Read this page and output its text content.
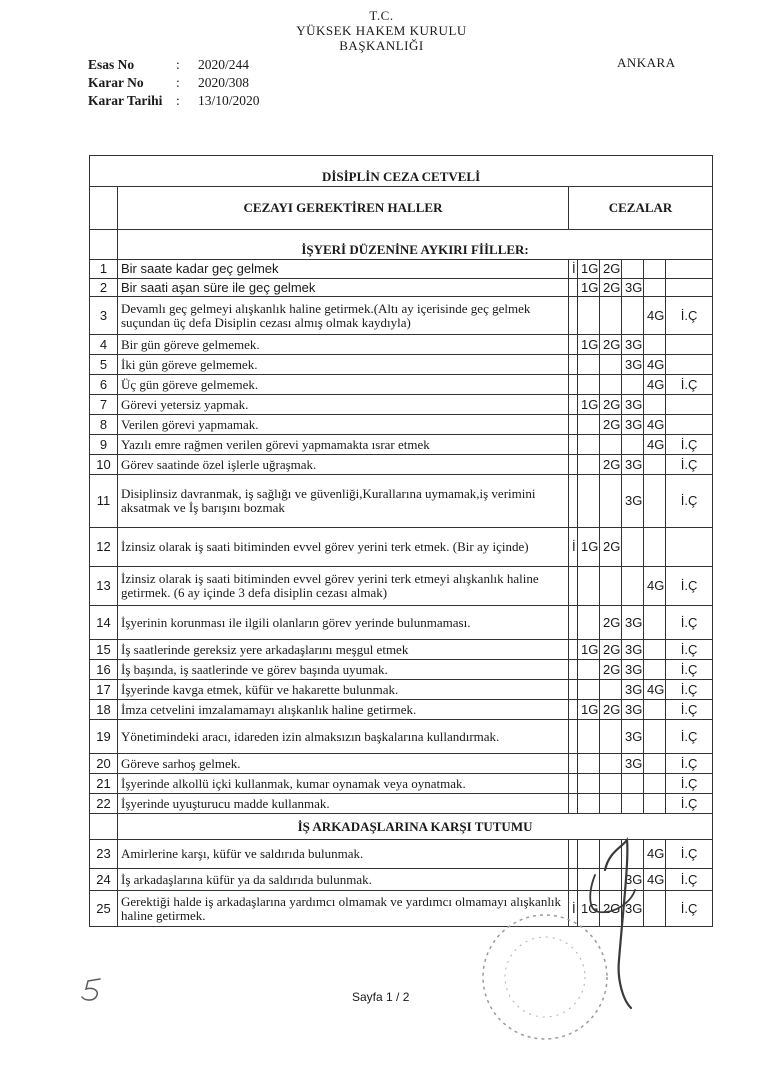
T.C.
YÜKSEK HAKEM KURULU
BAŞKANLIĞI
ANKARA
Esas No	:	2020/244
Karar No	:	2020/308
Karar Tarihi	:	13/10/2020
DİSİPLİN CEZA CETVELİ							
	CEZAYI GEREKTİREN HALLER	CEZALAR					
	İŞYERİ DÜZENİNE AYKIRI FİİLLER:						
1	Bir saate kadar geç gelmek	İ	1G	2G			
2	Bir saati aşan süre ile geç gelmek		1G	2G	3G		
3	Devamlı geç gelmeyi alışkanlık haline getirmek.(Altı ay içerisinde geç gelmek suçundan üç defa Disiplin cezası almış olmak kaydıyla)					4G	İ.Ç
4	Bir gün göreve gelmemek.		1G	2G	3G		
5	İki gün göreve gelmemek.				3G	4G	
6	Üç gün göreve gelmemek.					4G	İ.Ç
7	Görevi yetersiz yapmak.		1G	2G	3G		
8	Verilen görevi yapmamak.			2G	3G	4G	
9	Yazılı emre rağmen verilen görevi yapmamakta ısrar etmek					4G	İ.Ç
10	Görev saatinde özel işlerle uğraşmak.			2G	3G		İ.Ç
11	Disiplinsiz davranmak, iş sağlığı ve güvenliği,Kurallarına uymamak,iş verimini aksatmak ve İş barışını bozmak				3G		İ.Ç
12	İzinsiz olarak iş saati bitiminden evvel görev yerini terk etmek. (Bir ay içinde)	İ	1G	2G			
13	İzinsiz olarak iş saati bitiminden evvel görev yerini terk etmeyi alışkanlık haline getirmek. (6 ay içinde 3 defa disiplin cezası almak)					4G	İ.Ç
14	İşyerinin korunması ile ilgili olanların görev yerinde bulunmaması.			2G	3G		İ.Ç
15	İş saatlerinde gereksiz yere arkadaşlarını meşgul etmek		1G	2G	3G		İ.Ç
16	İş başında, iş saatlerinde ve görev başında uyumak.			2G	3G		İ.Ç
17	İşyerinde kavga etmek, küfür ve hakarette bulunmak.				3G	4G	İ.Ç
18	İmza cetvelini imzalamamayı alışkanlık haline getirmek.		1G	2G	3G		İ.Ç
19	Yönetimindeki aracı, idareden izin almaksızın başkalarına kullandırmak.				3G		İ.Ç
20	Göreve sarhoş gelmek.				3G		İ.Ç
21	İşyerinde alkollü içki kullanmak, kumar oynamak veya oynatmak.						İ.Ç
22	İşyerinde uyuşturucu madde kullanmak.						İ.Ç
	İŞ ARKADAŞLARINA KARŞI TUTUMU						
23	Amirlerine karşı, küfür ve saldırıda bulunmak.					4G	İ.Ç
24	İş arkadaşlarına küfür ya da saldırıda bulunmak.				3G	4G	İ.Ç
25	Gerektiği halde iş arkadaşlarına yardımcı olmamak ve yardımcı olmamayı alışkanlık haline getirmek.	İ	1G	2G	3G		İ.Ç
Sayfa 1 / 2
